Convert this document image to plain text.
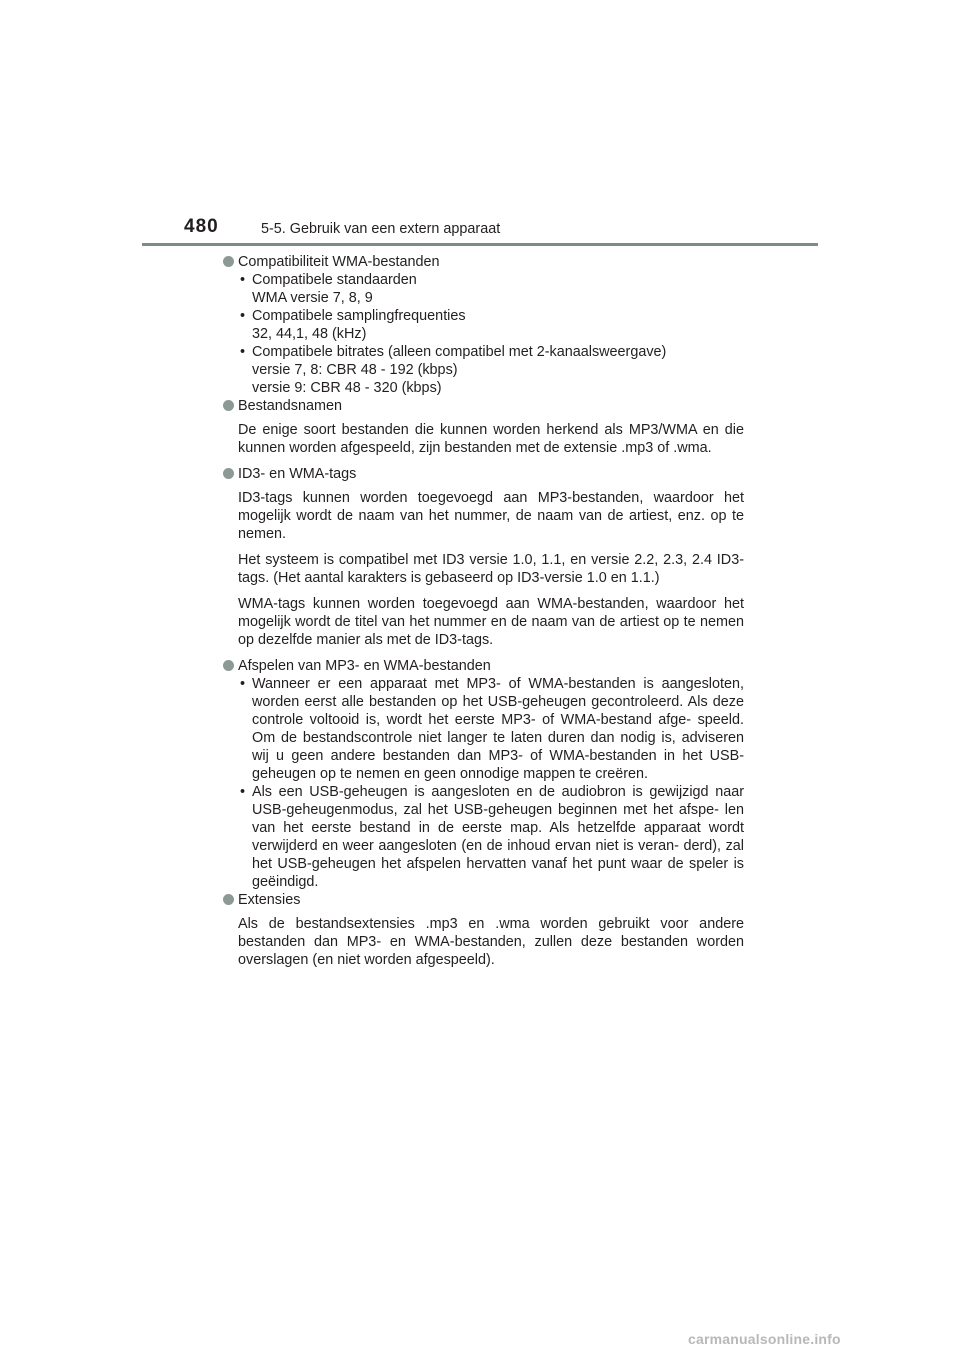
480	5-5. Gebruik van een extern apparaat
Compatibiliteit WMA-bestanden
• Compatibele standaarden
WMA versie 7, 8, 9
• Compatibele samplingfrequenties
32, 44,1, 48 (kHz)
• Compatibele bitrates (alleen compatibel met 2-kanaalsweergave)
versie 7, 8: CBR 48 - 192 (kbps)
versie 9: CBR 48 - 320 (kbps)
Bestandsnamen

De enige soort bestanden die kunnen worden herkend als MP3/WMA en die kunnen worden afgespeeld, zijn bestanden met de extensie .mp3 of .wma.

ID3- en WMA-tags

ID3-tags kunnen worden toegevoegd aan MP3-bestanden, waardoor het mogelijk wordt de naam van het nummer, de naam van de artiest, enz. op te nemen.

Het systeem is compatibel met ID3 versie 1.0, 1.1, en versie 2.2, 2.3, 2.4 ID3-tags. (Het aantal karakters is gebaseerd op ID3-versie 1.0 en 1.1.)

WMA-tags kunnen worden toegevoegd aan WMA-bestanden, waardoor het mogelijk wordt de titel van het nummer en de naam van de artiest op te nemen op dezelfde manier als met de ID3-tags.

Afspelen van MP3- en WMA-bestanden
• Wanneer er een apparaat met MP3- of WMA-bestanden is aangesloten, worden eerst alle bestanden op het USB-geheugen gecontroleerd. Als deze controle voltooid is, wordt het eerste MP3- of WMA-bestand afge- speeld. Om de bestandscontrole niet langer te laten duren dan nodig is, adviseren wij u geen andere bestanden dan MP3- of WMA-bestanden in het USB-geheugen op te nemen en geen onnodige mappen te creëren.
• Als een USB-geheugen is aangesloten en de audiobron is gewijzigd naar USB-geheugenmodus, zal het USB-geheugen beginnen met het afspe- len van het eerste bestand in de eerste map. Als hetzelfde apparaat wordt verwijderd en weer aangesloten (en de inhoud ervan niet is veran- derd), zal het USB-geheugen het afspelen hervatten vanaf het punt waar de speler is geëindigd.
Extensies

Als de bestandsextensies .mp3 en .wma worden gebruikt voor andere bestanden dan MP3- en WMA-bestanden, zullen deze bestanden worden overslagen (en niet worden afgespeeld).

carmanualsonline.info
